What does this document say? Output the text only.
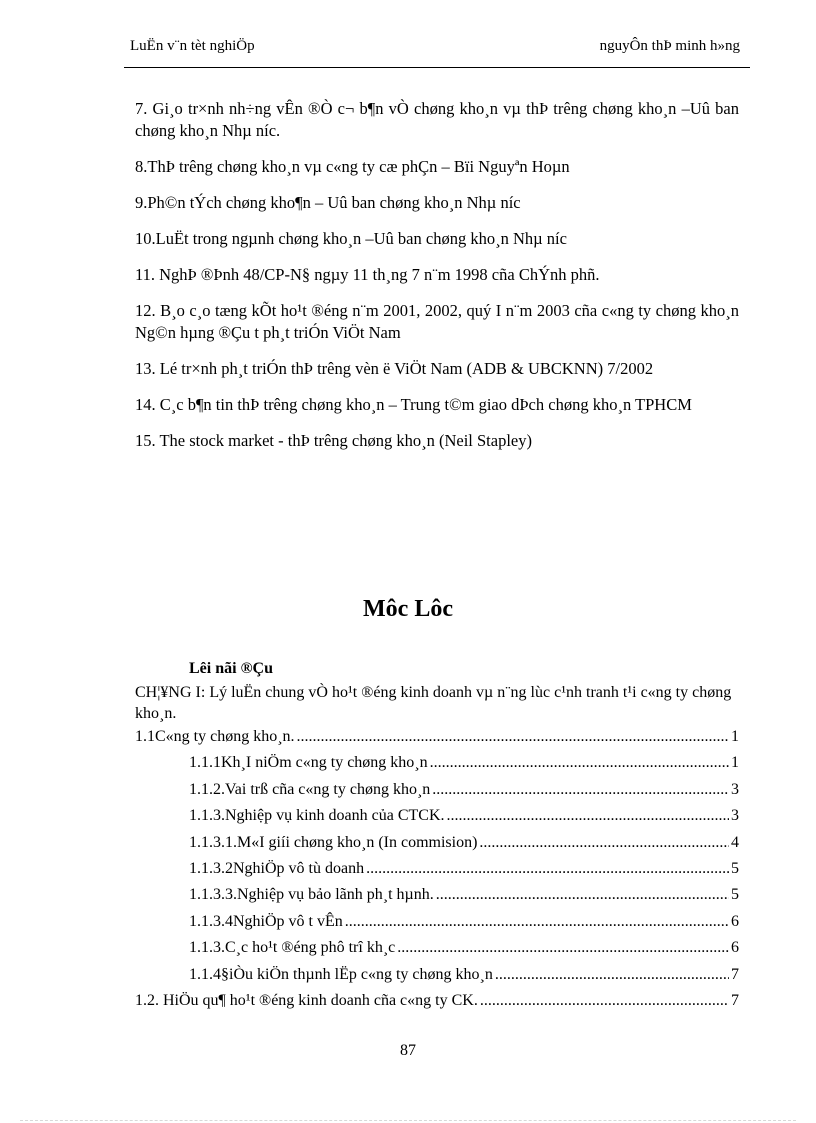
LuËn v¨n tèt nghiÖp	nguyÔn thÞ minh h»ng
7. Gi¸o tr×nh nh÷ng vÊn ®Ò c¬ b¶n vÒ chøng kho¸n vµ thÞ trêng chøng kho¸n –Uû ban chøng kho¸n Nhµ níc.
8.ThÞ trêng chøng kho¸n vµ c«ng ty cæ phÇn – Bïi Nguyªn Hoµn
9.Ph©n tÝch chøng kho¶n – Uû ban chøng kho¸n Nhµ níc
10.LuËt trong ngµnh chøng kho¸n –Uû ban chøng kho¸n Nhµ níc
11. NghÞ ®Þnh 48/CP-N§ ngµy 11 th¸ng 7 n¨m 1998 cña ChÝnh phñ.
12. B¸o c¸o tæng kÕt ho¹t ®éng n¨m 2001, 2002, quý I n¨m 2003 cña c«ng ty chøng kho¸n Ng©n hµng ®Çu t ph¸t triÓn ViÖt Nam
13. Lé tr×nh ph¸t triÓn thÞ trêng vèn ë ViÖt Nam (ADB & UBCKNN) 7/2002
14. C¸c b¶n tin thÞ trêng chøng kho¸n – Trung t©m giao dÞch chøng kho¸n TPHCM
15. The stock market - thÞ trêng chøng kho¸n (Neil Stapley)
Môc Lôc
Lêi nãi ®Çu
CH¦¥NG I: Lý luËn chung vÒ ho¹t ®éng kinh doanh vµ n¨ng lùc c¹nh tranh t¹i c«ng ty chøng kho¸n.
1.1C«ng ty chøng kho¸n. .....	1
1.1.1Kh¸I niÖm c«ng ty chøng kho¸n .....	1
1.1.2.Vai trß cña c«ng ty chøng kho¸n .....	3
1.1.3.Nghiệp vụ kinh doanh của CTCK. .....	3
1.1.3.1.M«I giíi chøng kho¸n (In commision) .....	4
1.1.3.2NghiÖp vô tù doanh .....	5
1.1.3.3.Nghiệp vụ bảo lãnh ph¸t hµnh. .....	5
1.1.3.4NghiÖp vô t vÊn .....	6
1.1.3.C¸c ho¹t ®éng phô trî kh¸c .....	6
1.1.4§iÒu kiÖn thµnh lËp c«ng ty chøng kho¸n .....	7
1.2. HiÖu qu¶ ho¹t ®éng kinh doanh cña c«ng ty CK. .....	7
87
